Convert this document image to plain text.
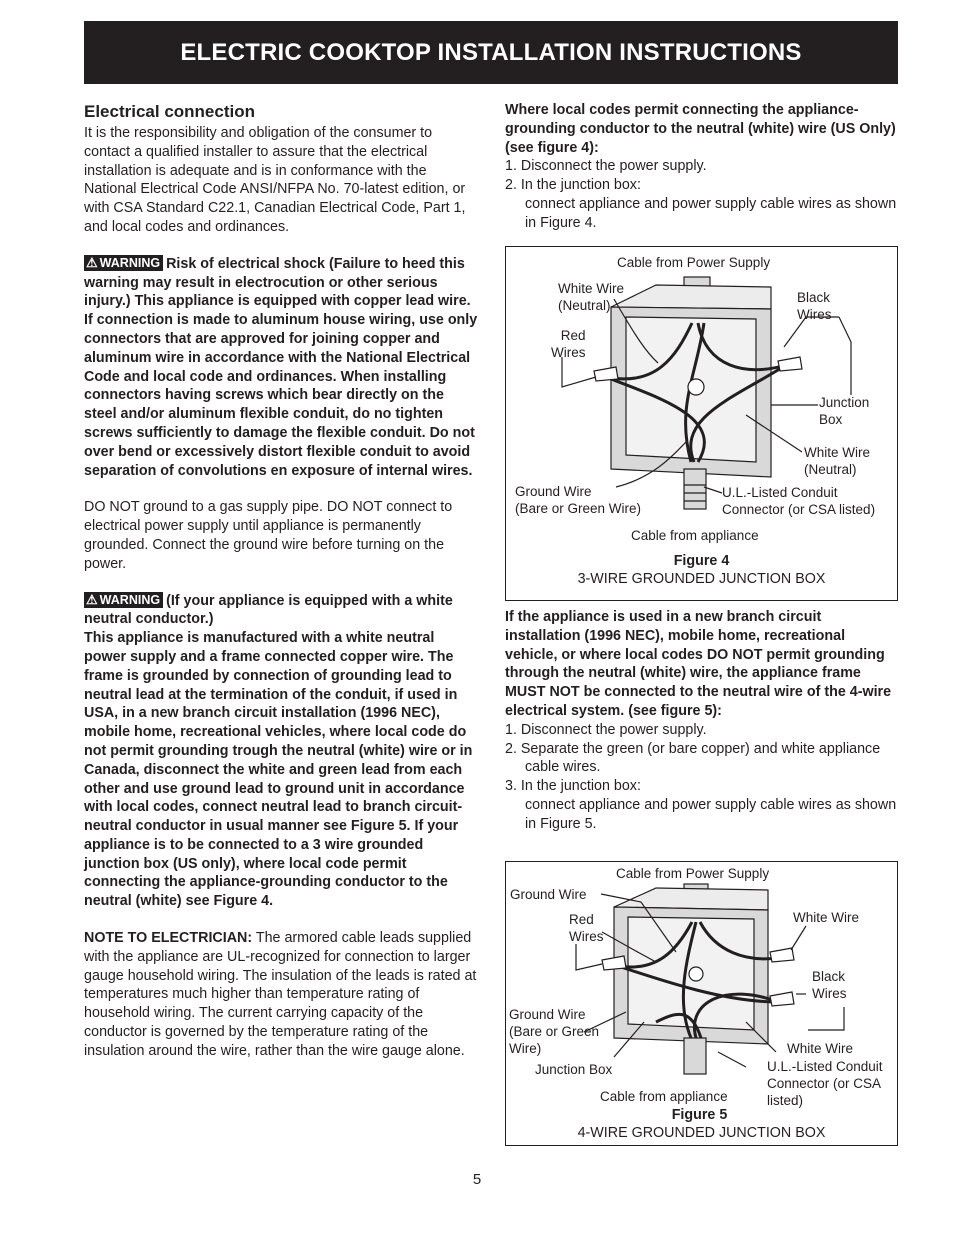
ELECTRIC COOKTOP INSTALLATION INSTRUCTIONS
Electrical connection

It is the responsibility and obligation of the consumer to contact a qualified installer to assure that the electrical installation is adequate and is in conformance with the National Electrical Code ANSI/NFPA No. 70-latest edition, or with CSA Standard C22.1, Canadian Electrical Code, Part 1, and local codes and ordinances.

⚠ WARNING Risk of electrical shock (Failure to heed this warning may result in electrocution or other serious injury.) This appliance is equipped with copper lead wire. If connection is made to aluminum house wiring, use only connectors that are approved for joining copper and aluminum wire in accordance with the National Electrical Code and local code and ordinances. When installing connectors having screws which bear directly on the steel and/or aluminum flexible conduit, do no tighten screws sufficiently to damage the flexible conduit. Do not over bend or excessively distort flexible conduit to avoid separation of convolutions en exposure of internal wires.

DO NOT ground to a gas supply pipe. DO NOT connect to electrical power supply until appliance is permanently grounded. Connect the ground wire before turning on the power.

⚠ WARNING (If your appliance is equipped with a white neutral conductor.)

This appliance is manufactured with a white neutral power supply and a frame connected copper wire. The frame is grounded by connection of grounding lead to neutral lead at the termination of the conduit, if used in USA, in a new branch circuit installation (1996 NEC), mobile home, recreational vehicles, where local code do not permit grounding trough the neutral (white) wire or in Canada, disconnect the white and green lead from each other and use ground lead to ground unit in accordance with local codes, connect neutral lead to branch circuit-neutral conductor in usual manner see Figure 5. If your appliance is to be connected to a 3 wire grounded junction box (US only), where local code permit connecting the appliance-grounding conductor to the neutral (white) see Figure 4.

NOTE TO ELECTRICIAN: The armored cable leads supplied with the appliance are UL-recognized for connection to larger gauge household wiring. The insulation of the leads is rated at temperatures much higher than temperature rating of household wiring. The current carrying capacity of the conductor is governed by the temperature rating of the insulation around the wire, rather than the wire gauge alone.

Where local codes permit connecting the appliance-grounding conductor to the neutral (white) wire (US Only) (see figure 4):

1. Disconnect the power supply.
2. In the junction box:
connect appliance and power supply cable wires as shown in Figure 4.
Cable from Power Supply
White Wire
(Neutral)
Black
Wires
Red
Wires
Junction
Box
White Wire
(Neutral)
Ground Wire
(Bare or Green Wire)
U.L.-Listed Conduit
Connector (or CSA listed)
Cable from appliance
Figure 4
3-WIRE GROUNDED JUNCTION BOX

If the appliance is used in a new branch circuit installation (1996 NEC), mobile home, recreational vehicle, or where local codes DO NOT permit grounding through the neutral (white) wire, the appliance frame MUST NOT be connected to the neutral wire of the 4-wire electrical system. (see figure 5):

1. Disconnect the power supply.
2. Separate the green (or bare copper) and white appliance cable wires.
3. In the junction box:
connect appliance and power supply cable wires as shown in Figure 5.
Cable from Power Supply
Ground Wire
Red
Wires
White Wire
Black
Wires
Ground Wire
(Bare or Green
Wire)	White Wire
Junction Box	U.L.-Listed Conduit
Connector (or CSA
listed)
Cable from appliance
Figure 5
4-WIRE GROUNDED JUNCTION BOX
5
